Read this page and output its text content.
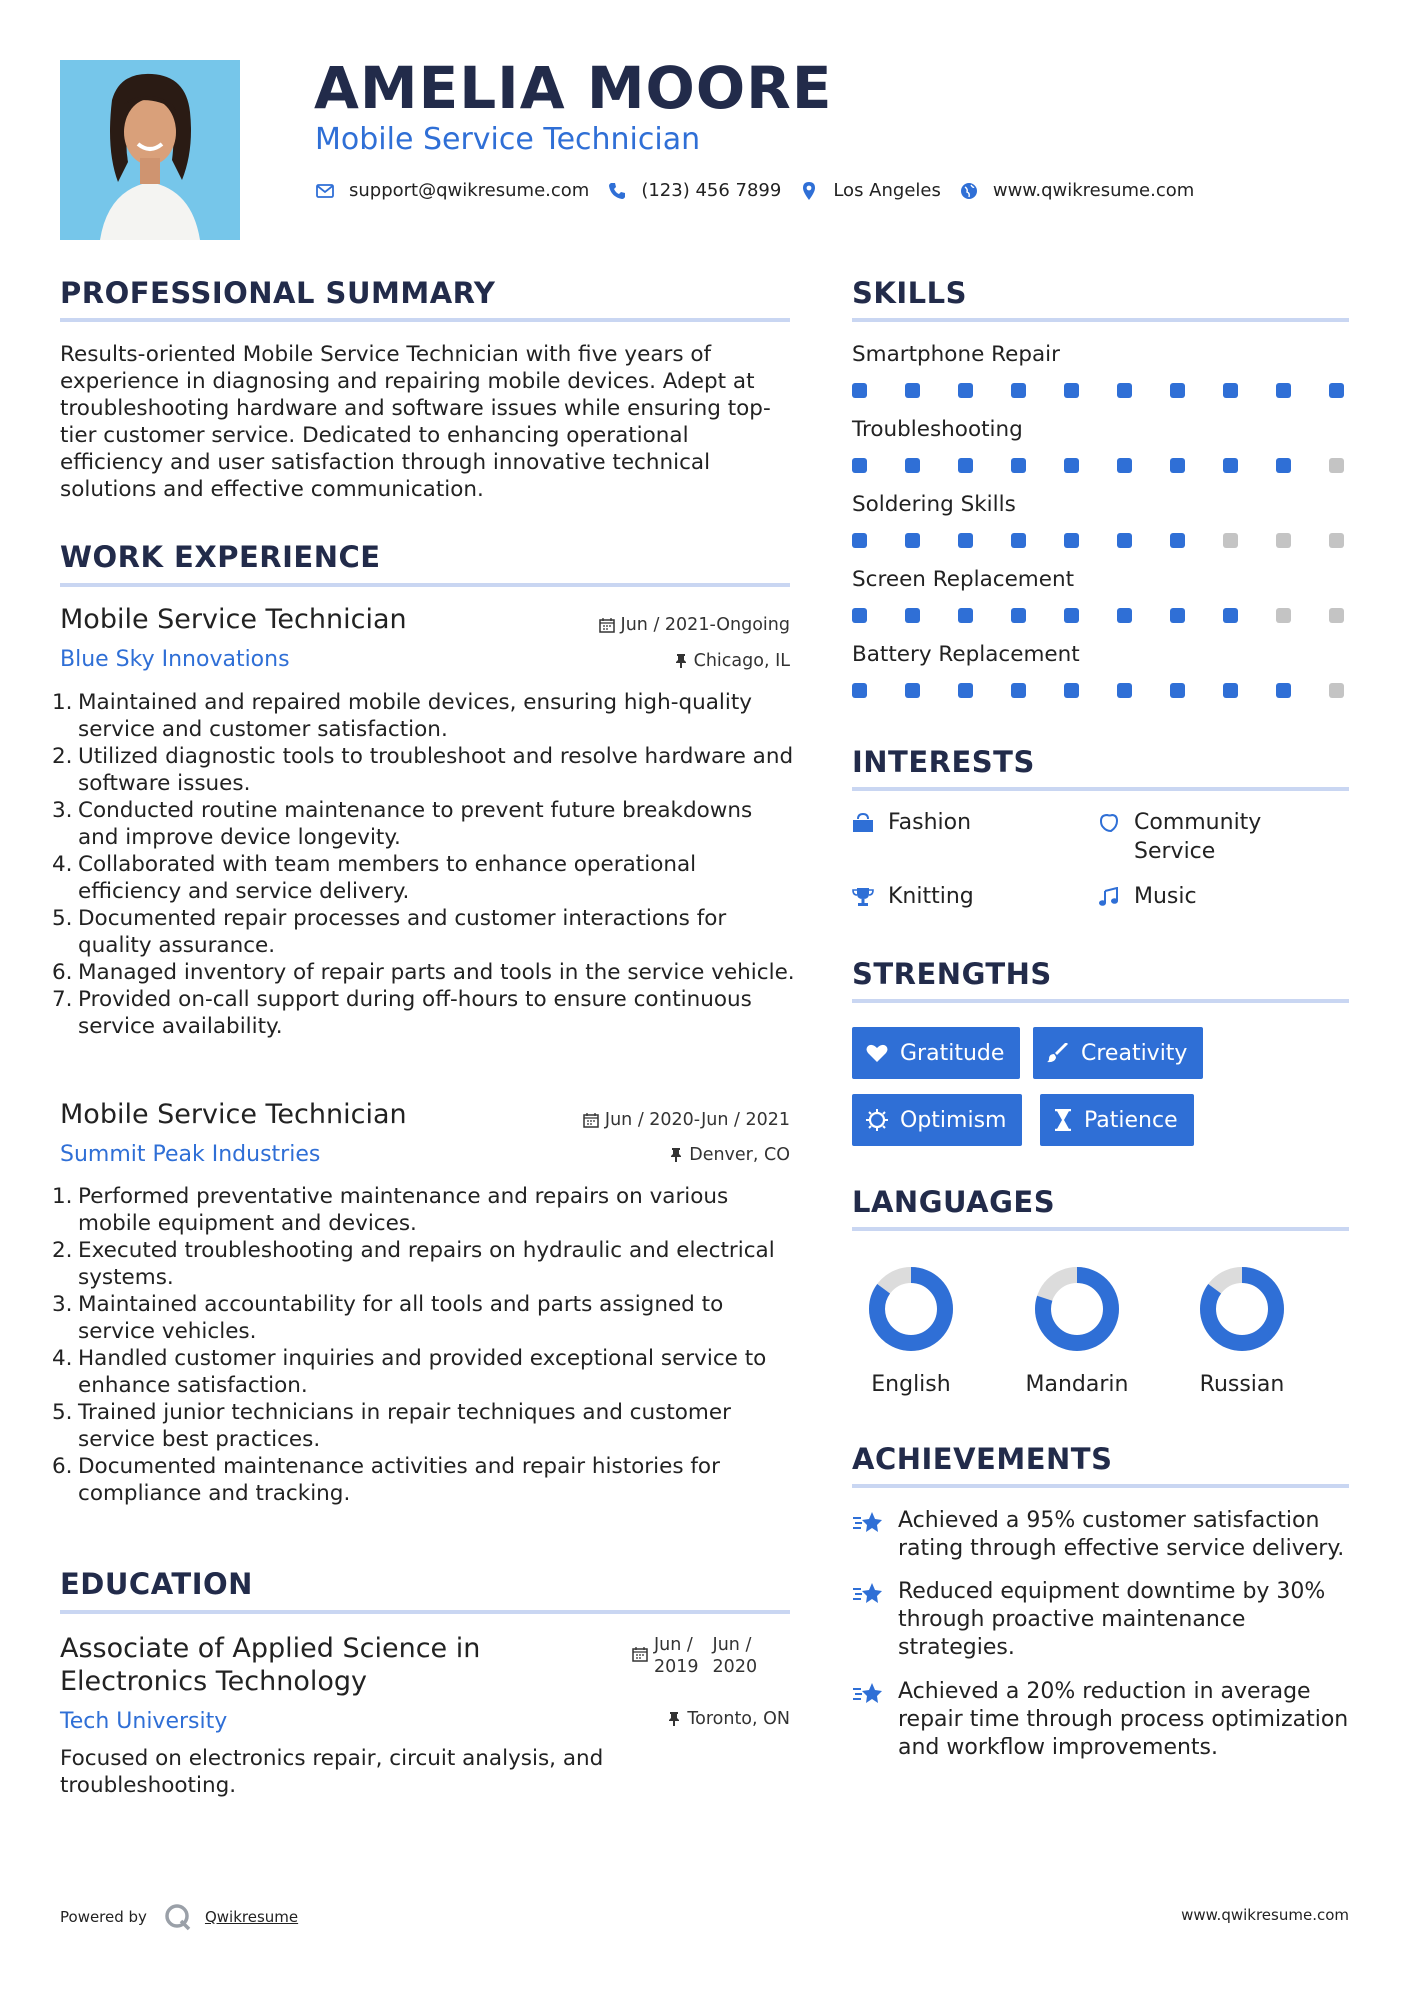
AMELIA MOORE
Mobile Service Technician
support@qwikresume.com	(123) 456 7899	Los Angeles	www.qwikresume.com
PROFESSIONAL SUMMARY
Results-oriented Mobile Service Technician with five years of experience in diagnosing and repairing mobile devices. Adept at troubleshooting hardware and software issues while ensuring top-tier customer service. Dedicated to enhancing operational efficiency and user satisfaction through innovative technical solutions and effective communication.
WORK EXPERIENCE
Mobile Service Technician	Jun / 2021-Ongoing
Blue Sky Innovations	Chicago, IL
1. Maintained and repaired mobile devices, ensuring high-quality service and customer satisfaction.
2. Utilized diagnostic tools to troubleshoot and resolve hardware and software issues.
3. Conducted routine maintenance to prevent future breakdowns and improve device longevity.
4. Collaborated with team members to enhance operational efficiency and service delivery.
5. Documented repair processes and customer interactions for quality assurance.
6. Managed inventory of repair parts and tools in the service vehicle.
7. Provided on-call support during off-hours to ensure continuous service availability.
Mobile Service Technician	Jun / 2020-Jun / 2021
Summit Peak Industries	Denver, CO
1. Performed preventative maintenance and repairs on various mobile equipment and devices.
2. Executed troubleshooting and repairs on hydraulic and electrical systems.
3. Maintained accountability for all tools and parts assigned to service vehicles.
4. Handled customer inquiries and provided exceptional service to enhance satisfaction.
5. Trained junior technicians in repair techniques and customer service best practices.
6. Documented maintenance activities and repair histories for compliance and tracking.
EDUCATION
Associate of Applied Science in
Electronics Technology
Jun /
2019
Jun /
2020
Tech University	Toronto, ON
Focused on electronics repair, circuit analysis, and troubleshooting.
SKILLS
Smartphone Repair
Troubleshooting
Soldering Skills
Screen Replacement
Battery Replacement
INTERESTS
Fashion	Community
Service
Knitting	Music
STRENGTHS
Gratitude	Creativity
Optimism	Patience
LANGUAGES
English	Mandarin	Russian
ACHIEVEMENTS
Achieved a 95% customer satisfaction rating through effective service delivery.
Reduced equipment downtime by 30% through proactive maintenance strategies.
Achieved a 20% reduction in average repair time through process optimization and workflow improvements.
Powered by	Qwikresume	www.qwikresume.com
